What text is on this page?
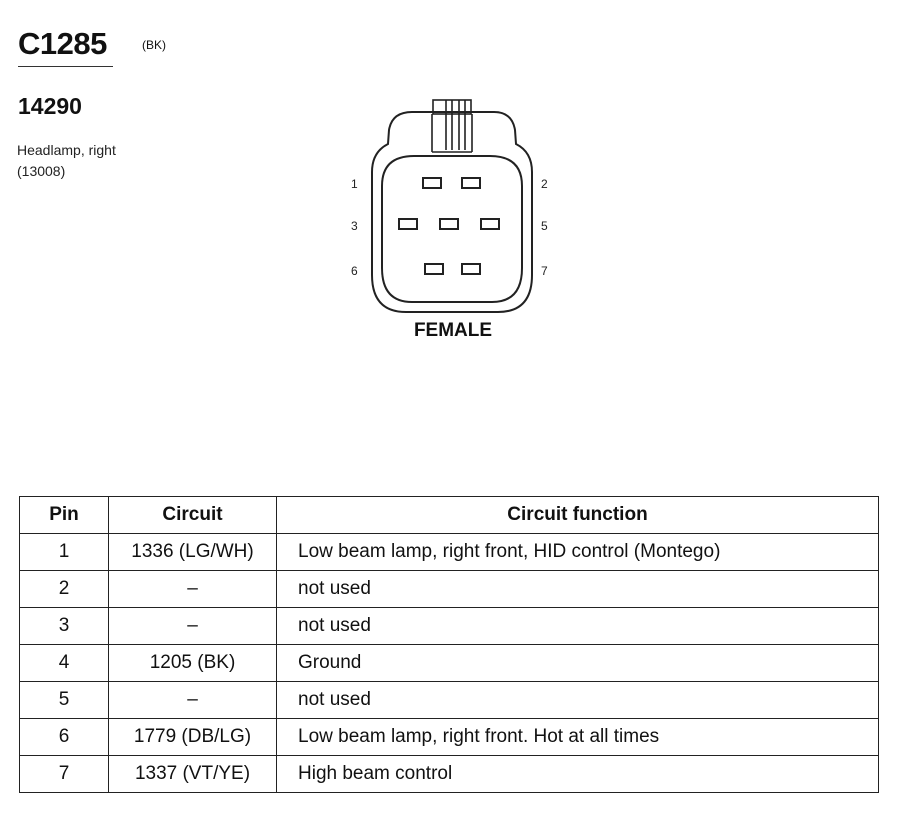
C1285	(BK)
14290
Headlamp, right
(13008)
1	2
3	5
6	7
FEMALE
Pin	Circuit	Circuit function
1	1336 (LG/WH)	Low beam lamp, right front, HID control (Montego)
2	–	not used
3	–	not used
4	1205 (BK)	Ground
5	–	not used
6	1779 (DB/LG)	Low beam lamp, right front. Hot at all times
7	1337 (VT/YE)	High beam control
